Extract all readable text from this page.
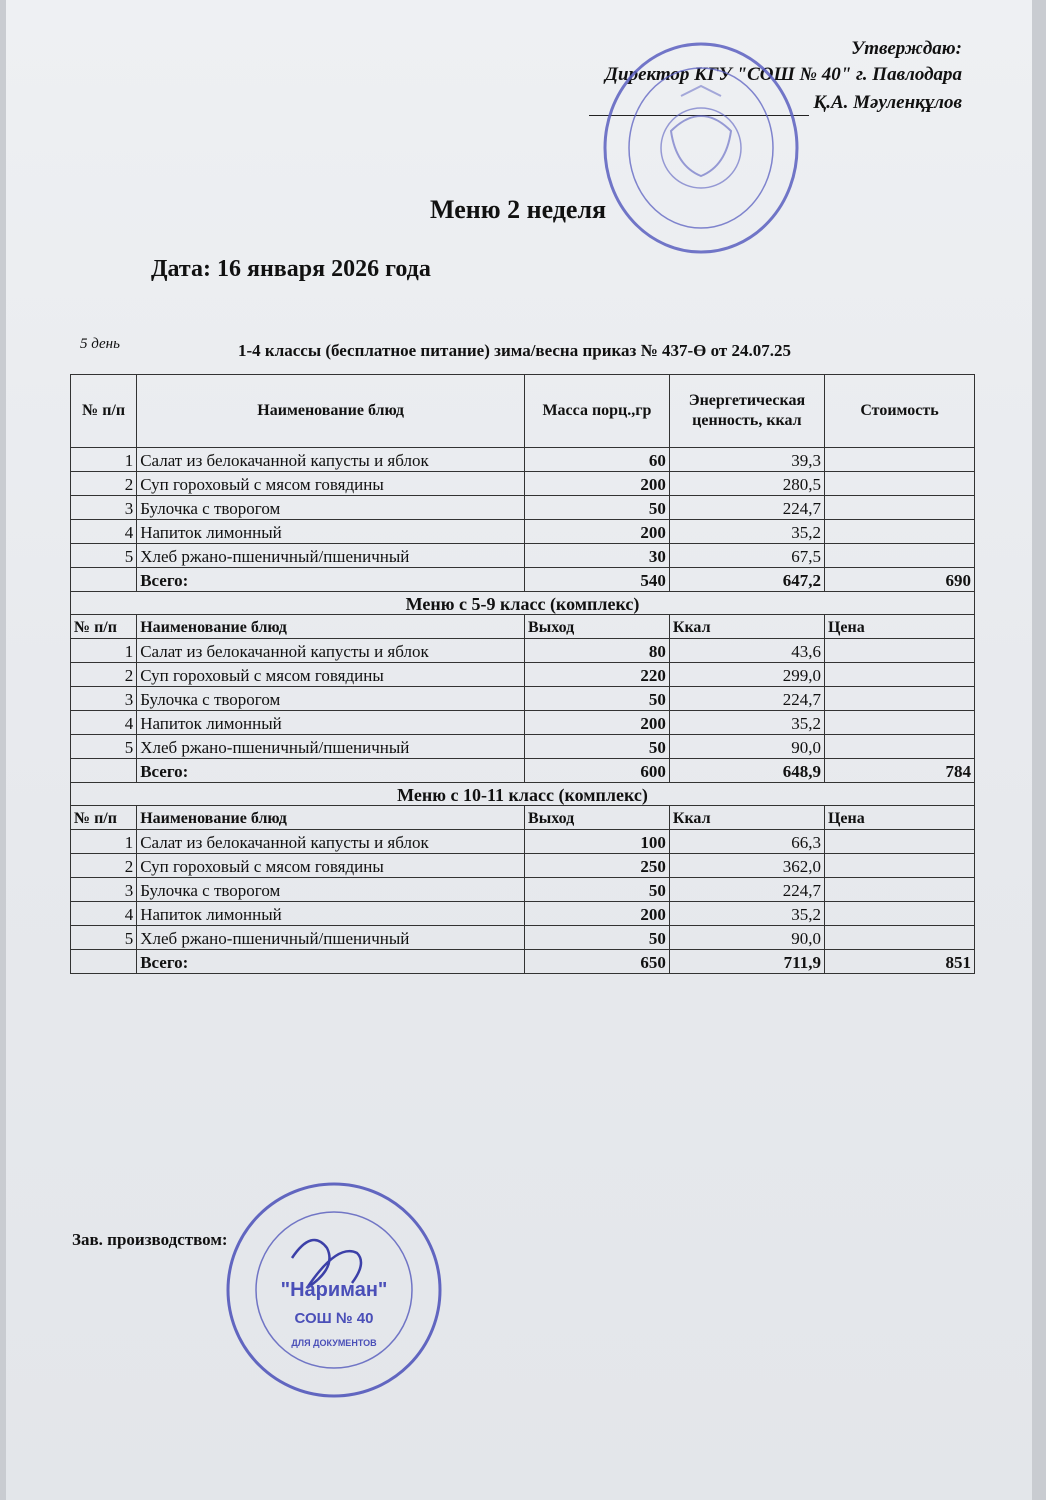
Утверждаю:
Директор КГУ "СОШ № 40" г. Павлодара
Қ.А. Мәуленқұлов
Меню 2 неделя
Дата: 16 января 2026 года
5 день	1-4 классы (бесплатное питание) зима/весна приказ № 437-Ө от 24.07.25
№ п/п	Наименование блюд	Масса порц.,гр	Энергетическая ценность, ккал	Стоимость
1	Салат из белокачанной капусты и яблок	60	39,3	
2	Суп гороховый с мясом говядины	200	280,5	
3	Булочка с творогом	50	224,7	
4	Напиток лимонный	200	35,2	
5	Хлеб ржано-пшеничный/пшеничный	30	67,5	
	Всего:	540	647,2	690
Меню с 5-9 класс (комплекс)				
№ п/п	Наименование блюд	Выход	Ккал	Цена
1	Салат из белокачанной капусты и яблок	80	43,6	
2	Суп гороховый с мясом говядины	220	299,0	
3	Булочка с творогом	50	224,7	
4	Напиток лимонный	200	35,2	
5	Хлеб ржано-пшеничный/пшеничный	50	90,0	
	Всего:	600	648,9	784
Меню с 10-11 класс (комплекс)				
№ п/п	Наименование блюд	Выход	Ккал	Цена
1	Салат из белокачанной капусты и яблок	100	66,3	
2	Суп гороховый с мясом говядины	250	362,0	
3	Булочка с творогом	50	224,7	
4	Напиток лимонный	200	35,2	
5	Хлеб ржано-пшеничный/пшеничный	50	90,0	
	Всего:	650	711,9	851
Зав. производством:
"Нариман"
СОШ № 40
ДЛЯ ДОКУМЕНТОВ
